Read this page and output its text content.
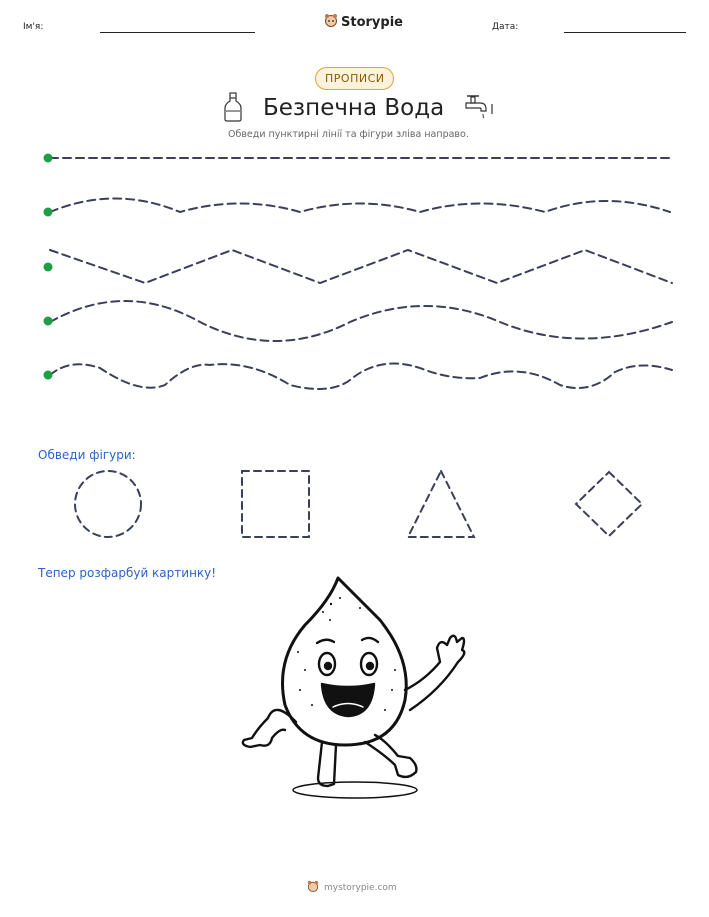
Ім'я:	Storypie	Дата:
ПРОПИСИ
Безпечна Вода
Обведи пунктирні лінії та фігури зліва направо.
Обведи фігури:
Тепер розфарбуй картинку!
mystorypie.com
